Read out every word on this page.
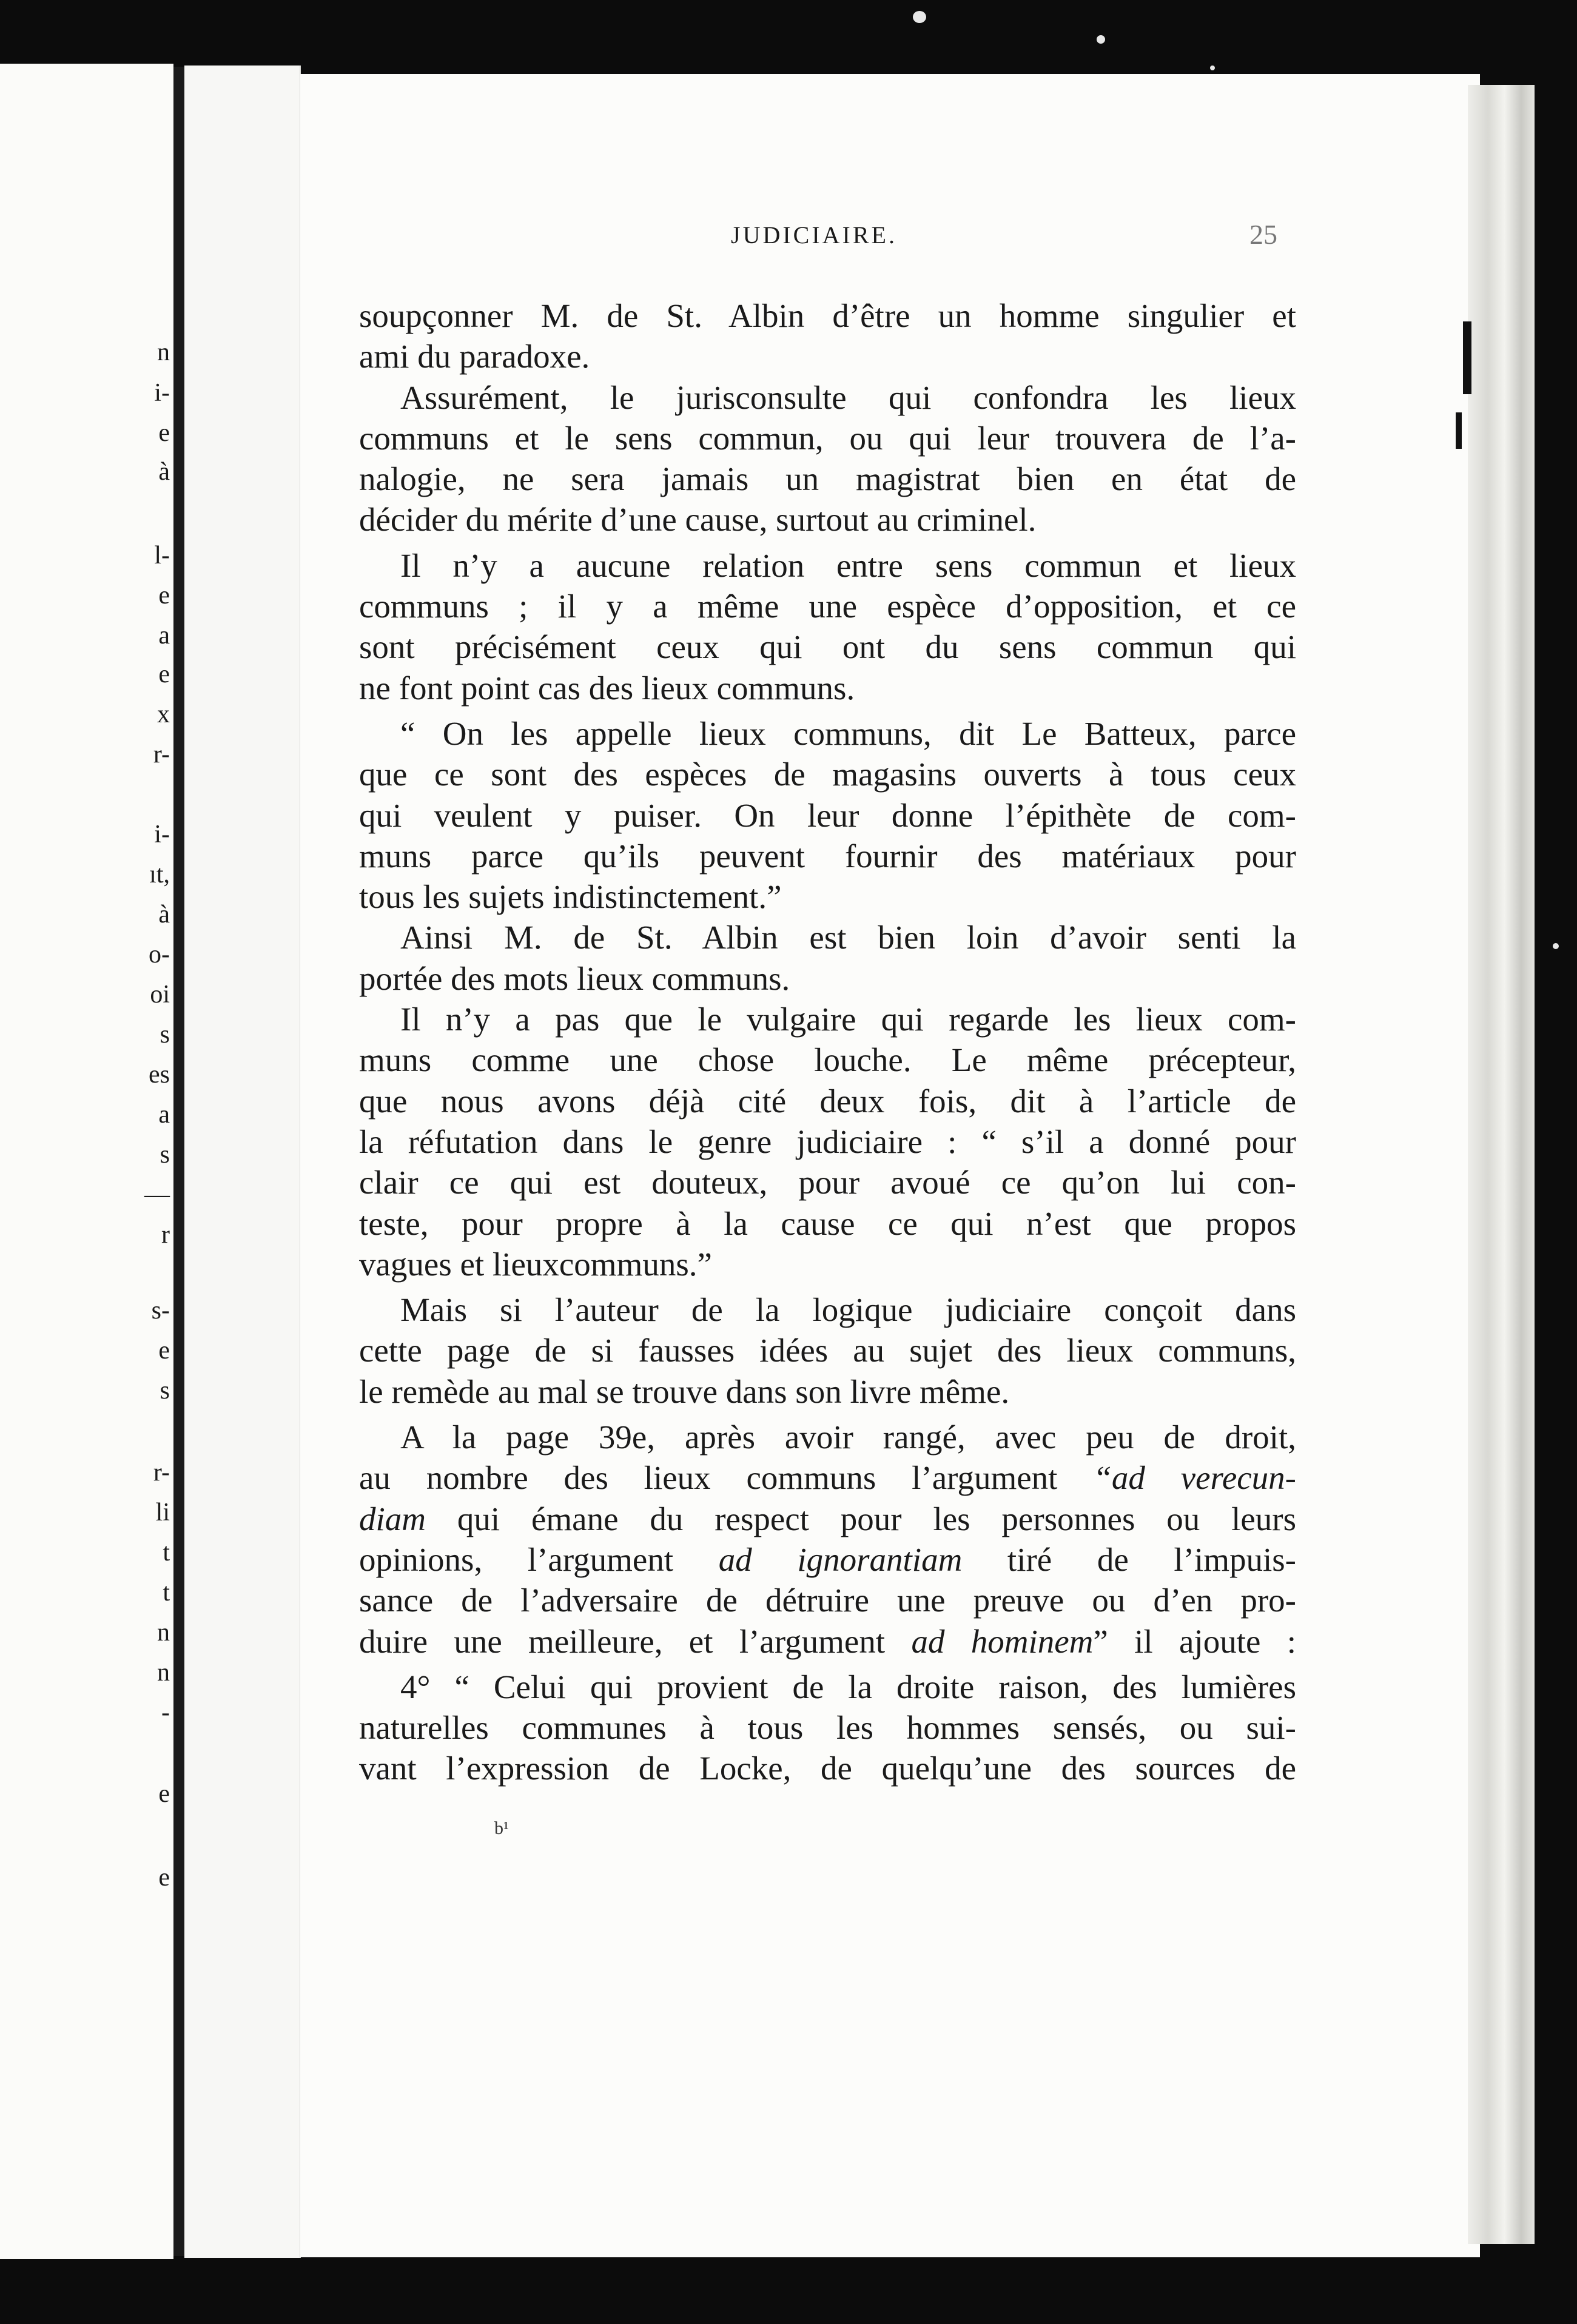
n
i-
e
à
l-
e
a
e
x
r-
i-
ıt,
à
o-
oi
s
es
a
s
—
r
s-
e
s
r-
li
t
t
n
n
-
e
e
JUDICIAIRE.	25

soupçonner M. de St. Albin d’être un homme singulier et

ami du paradoxe.

Assurément, le jurisconsulte qui confondra les lieux

communs et le sens commun, ou qui leur trouvera de l’a-

nalogie, ne sera jamais un magistrat bien en état de

décider du mérite d’une cause, surtout au criminel.

Il n’y a aucune relation entre sens commun et lieux

communs ; il y a même une espèce d’opposition, et ce

sont précisément ceux qui ont du sens commun qui

ne font point cas des lieux communs.

“ On les appelle lieux communs, dit Le Batteux, parce

que ce sont des espèces de magasins ouverts à tous ceux

qui veulent y puiser. On leur donne l’épithète de com-

muns parce qu’ils peuvent fournir des matériaux pour

tous les sujets indistinctement.”

Ainsi M. de St. Albin est bien loin d’avoir senti la

portée des mots lieux communs.

Il n’y a pas que le vulgaire qui regarde les lieux com-

muns comme une chose louche. Le même précepteur,

que nous avons déjà cité deux fois, dit à l’article de

la réfutation dans le genre judiciaire : “ s’il a donné pour

clair ce qui est douteux, pour avoué ce qu’on lui con-

teste, pour propre à la cause ce qui n’est que propos

vagues et lieuxcommuns.”

Mais si l’auteur de la logique judiciaire conçoit dans

cette page de si fausses idées au sujet des lieux communs,

le remède au mal se trouve dans son livre même.

A la page 39e, après avoir rangé, avec peu de droit,

au nombre des lieux communs l’argument “ad verecun-

diam qui émane du respect pour les personnes ou leurs

opinions, l’argument ad ignorantiam tiré de l’impuis-

sance de l’adversaire de détruire une preuve ou d’en pro-

duire une meilleure, et l’argument ad hominem” il ajoute :

4° “ Celui qui provient de la droite raison, des lumières

naturelles communes à tous les hommes sensés, ou sui-

vant l’expression de Locke, de quelqu’une des sources de

b¹
